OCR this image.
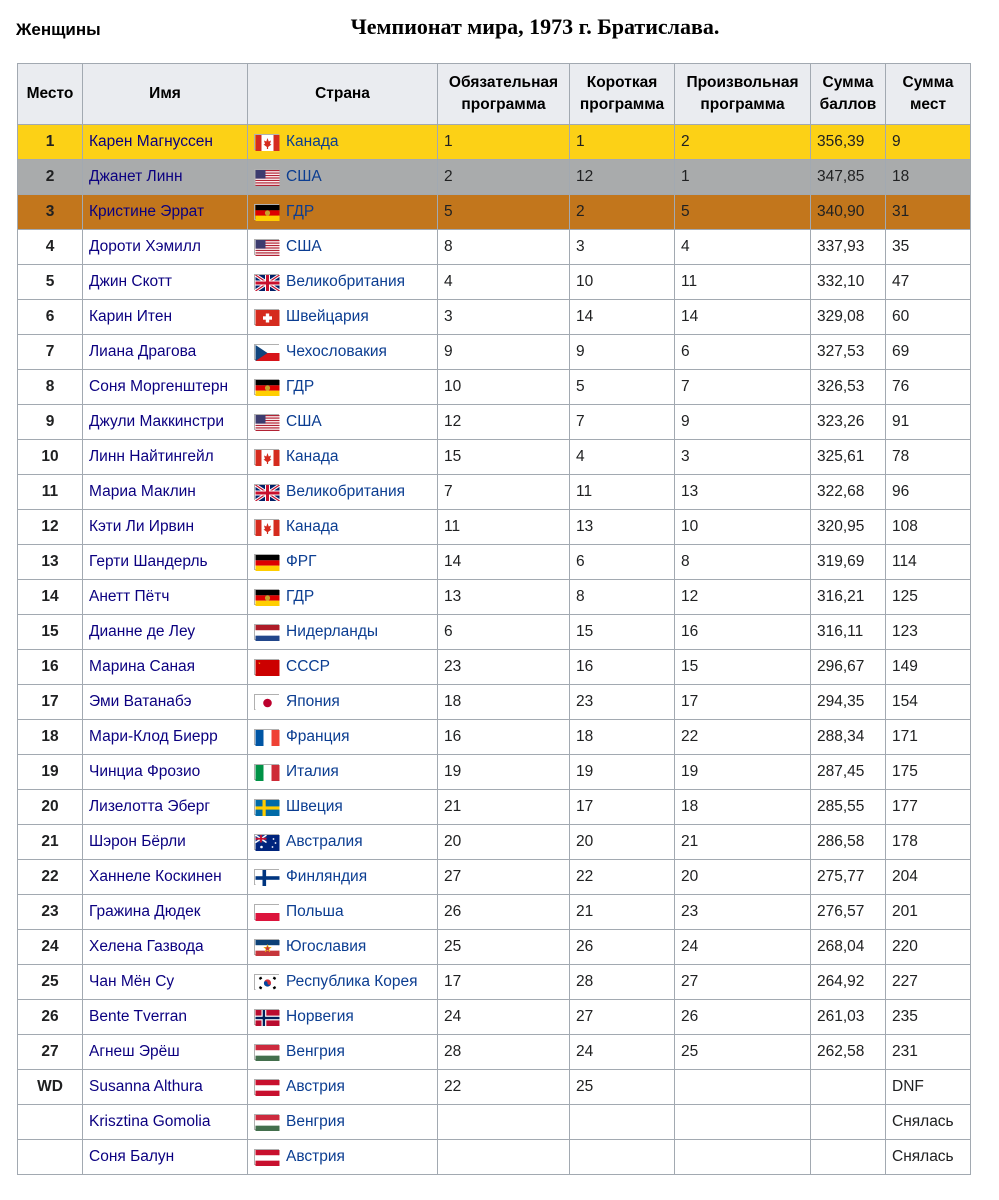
Женщины	Чемпионат мира, 1973 г. Братислава.
Место	Имя	Страна	Обязательная программа	Короткая программа	Произвольная программа	Сумма баллов	Сумма мест
1	Карен Магнуссен	Канада	1	1	2	356,39	9
2	Джанет Линн	США	2	12	1	347,85	18
3	Кристине Эррат	ГДР	5	2	5	340,90	31
4	Дороти Хэмилл	США	8	3	4	337,93	35
5	Джин Скотт	Великобритания	4	10	11	332,10	47
6	Карин Итен	Швейцария	3	14	14	329,08	60
7	Лиана Драгова	Чехословакия	9	9	6	327,53	69
8	Соня Моргенштерн	ГДР	10	5	7	326,53	76
9	Джули Маккинстри	США	12	7	9	323,26	91
10	Линн Найтингейл	Канада	15	4	3	325,61	78
11	Мариа Маклин	Великобритания	7	11	13	322,68	96
12	Кэти Ли Ирвин	Канада	11	13	10	320,95	108
13	Герти Шандерль	ФРГ	14	6	8	319,69	114
14	Анетт Пётч	ГДР	13	8	12	316,21	125
15	Дианне де Леу	Нидерланды	6	15	16	316,11	123
16	Марина Саная	СССР	23	16	15	296,67	149
17	Эми Ватанабэ	Япония	18	23	17	294,35	154
18	Мари-Клод Биерр	Франция	16	18	22	288,34	171
19	Чинциа Фрозио	Италия	19	19	19	287,45	175
20	Лизелотта Эберг	Швеция	21	17	18	285,55	177
21	Шэрон Бёрли	Австралия	20	20	21	286,58	178
22	Ханнеле Коскинен	Финляндия	27	22	20	275,77	204
23	Гражина Дюдек	Польша	26	21	23	276,57	201
24	Хелена Газвода	Югославия	25	26	24	268,04	220
25	Чан Мён Су	Республика Корея	17	28	27	264,92	227
26	Bente Tverran	Норвегия	24	27	26	261,03	235
27	Агнеш Эрёш	Венгрия	28	24	25	262,58	231
WD	Susanna Althura	Австрия	22	25			DNF
	Krisztina Gomolia	Венгрия					Снялась
	Соня Балун	Австрия					Снялась
